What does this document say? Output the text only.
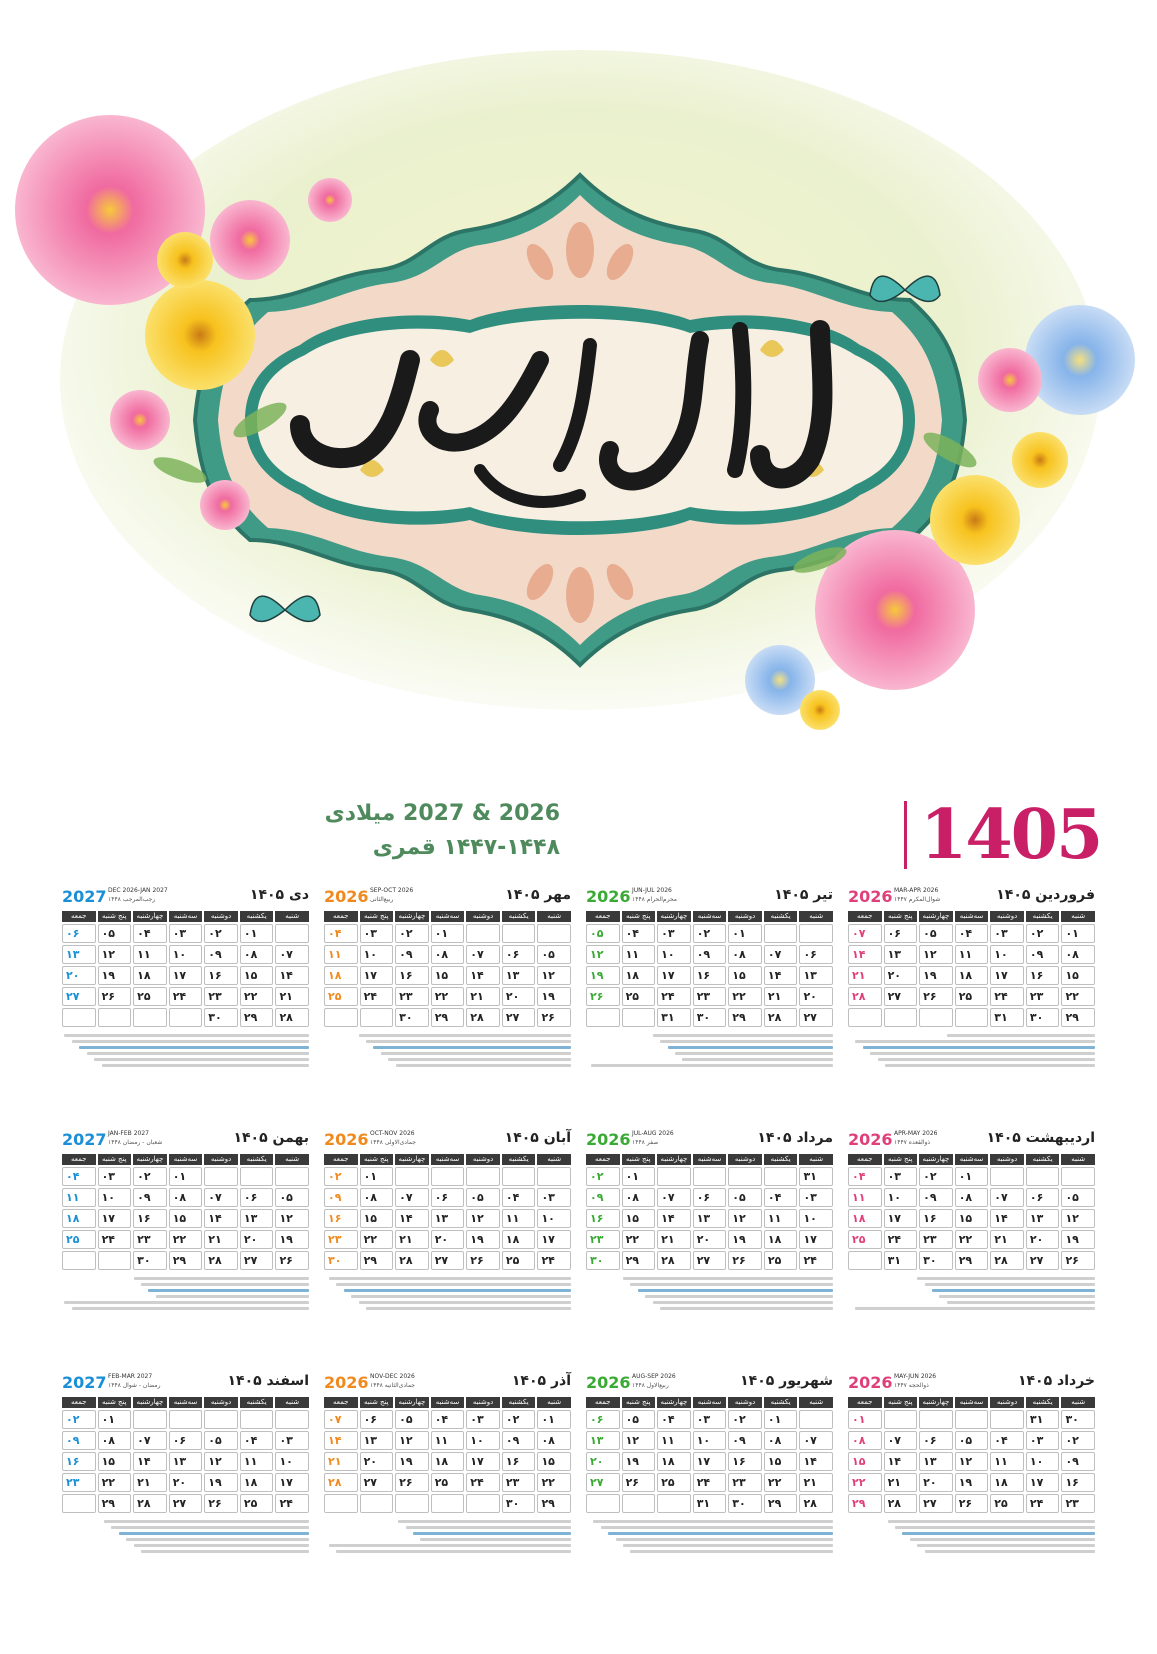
سال نو مبارک
1405
2026 & 2027 میلادی
۱۴۴۷-۱۴۴۸ قمری
فروردین ۱۴۰۵
2026 MAR-APR 2026
شوال‌المکرم ۱۴۴۷
شنبه
یکشنبه
دوشنبه
سه‌شنبه
چهارشنبه
پنج شنبه
جمعه
۰۱
۰۲
۰۳
۰۴
۰۵
۰۶
۰۷
۰۸
۰۹
۱۰
۱۱
۱۲
۱۳
۱۴
۱۵
۱۶
۱۷
۱۸
۱۹
۲۰
۲۱
۲۲
۲۳
۲۴
۲۵
۲۶
۲۷
۲۸
۲۹
۳۰
۳۱
تیر ۱۴۰۵
2026 JUN-JUL 2026
محرم‌الحرام ۱۴۴۸
شنبه
یکشنبه
دوشنبه
سه‌شنبه
چهارشنبه
پنج شنبه
جمعه
۰۱
۰۲
۰۳
۰۴
۰۵
۰۶
۰۷
۰۸
۰۹
۱۰
۱۱
۱۲
۱۳
۱۴
۱۵
۱۶
۱۷
۱۸
۱۹
۲۰
۲۱
۲۲
۲۳
۲۴
۲۵
۲۶
۲۷
۲۸
۲۹
۳۰
۳۱
مهر ۱۴۰۵
2026 SEP-OCT 2026
ربیع‌الثانی
شنبه
یکشنبه
دوشنبه
سه‌شنبه
چهارشنبه
پنج شنبه
جمعه
۰۱
۰۲
۰۳
۰۴
۰۵
۰۶
۰۷
۰۸
۰۹
۱۰
۱۱
۱۲
۱۳
۱۴
۱۵
۱۶
۱۷
۱۸
۱۹
۲۰
۲۱
۲۲
۲۳
۲۴
۲۵
۲۶
۲۷
۲۸
۲۹
۳۰
دی ۱۴۰۵
2027 DEC 2026-JAN 2027
رجب‌المرجب ۱۴۴۸
شنبه
یکشنبه
دوشنبه
سه‌شنبه
چهارشنبه
پنج شنبه
جمعه
۰۱
۰۲
۰۳
۰۴
۰۵
۰۶
۰۷
۰۸
۰۹
۱۰
۱۱
۱۲
۱۳
۱۴
۱۵
۱۶
۱۷
۱۸
۱۹
۲۰
۲۱
۲۲
۲۳
۲۴
۲۵
۲۶
۲۷
۲۸
۲۹
۳۰
اردیبهشت ۱۴۰۵
2026 APR-MAY 2026
ذوالقعده ۱۴۴۷
شنبه
یکشنبه
دوشنبه
سه‌شنبه
چهارشنبه
پنج شنبه
جمعه
۰۱
۰۲
۰۳
۰۴
۰۵
۰۶
۰۷
۰۸
۰۹
۱۰
۱۱
۱۲
۱۳
۱۴
۱۵
۱۶
۱۷
۱۸
۱۹
۲۰
۲۱
۲۲
۲۳
۲۴
۲۵
۲۶
۲۷
۲۸
۲۹
۳۰
۳۱
مرداد ۱۴۰۵
2026 JUL-AUG 2026
صفر ۱۴۴۸
شنبه
یکشنبه
دوشنبه
سه‌شنبه
چهارشنبه
پنج شنبه
جمعه
۳۱
۰۱
۰۲
۰۳
۰۴
۰۵
۰۶
۰۷
۰۸
۰۹
۱۰
۱۱
۱۲
۱۳
۱۴
۱۵
۱۶
۱۷
۱۸
۱۹
۲۰
۲۱
۲۲
۲۳
۲۴
۲۵
۲۶
۲۷
۲۸
۲۹
۳۰
آبان ۱۴۰۵
2026 OCT-NOV 2026
جمادی‌الاولی ۱۴۴۸
شنبه
یکشنبه
دوشنبه
سه‌شنبه
چهارشنبه
پنج شنبه
جمعه
۰۱
۰۲
۰۳
۰۴
۰۵
۰۶
۰۷
۰۸
۰۹
۱۰
۱۱
۱۲
۱۳
۱۴
۱۵
۱۶
۱۷
۱۸
۱۹
۲۰
۲۱
۲۲
۲۳
۲۴
۲۵
۲۶
۲۷
۲۸
۲۹
۳۰
بهمن ۱۴۰۵
2027 JAN-FEB 2027
شعبان - رمضان ۱۴۴۸
شنبه
یکشنبه
دوشنبه
سه‌شنبه
چهارشنبه
پنج شنبه
جمعه
۰۱
۰۲
۰۳
۰۴
۰۵
۰۶
۰۷
۰۸
۰۹
۱۰
۱۱
۱۲
۱۳
۱۴
۱۵
۱۶
۱۷
۱۸
۱۹
۲۰
۲۱
۲۲
۲۳
۲۴
۲۵
۲۶
۲۷
۲۸
۲۹
۳۰
خرداد ۱۴۰۵
2026 MAY-JUN 2026
ذوالحجه ۱۴۴۷
شنبه
یکشنبه
دوشنبه
سه‌شنبه
چهارشنبه
پنج شنبه
جمعه
۳۰
۳۱
۰۱
۰۲
۰۳
۰۴
۰۵
۰۶
۰۷
۰۸
۰۹
۱۰
۱۱
۱۲
۱۳
۱۴
۱۵
۱۶
۱۷
۱۸
۱۹
۲۰
۲۱
۲۲
۲۳
۲۴
۲۵
۲۶
۲۷
۲۸
۲۹
شهریور ۱۴۰۵
2026 AUG-SEP 2026
ربیع‌الاول ۱۴۴۸
شنبه
یکشنبه
دوشنبه
سه‌شنبه
چهارشنبه
پنج شنبه
جمعه
۰۱
۰۲
۰۳
۰۴
۰۵
۰۶
۰۷
۰۸
۰۹
۱۰
۱۱
۱۲
۱۳
۱۴
۱۵
۱۶
۱۷
۱۸
۱۹
۲۰
۲۱
۲۲
۲۳
۲۴
۲۵
۲۶
۲۷
۲۸
۲۹
۳۰
۳۱
آذر ۱۴۰۵
2026 NOV-DEC 2026
جمادی‌الثانیه ۱۴۴۸
شنبه
یکشنبه
دوشنبه
سه‌شنبه
چهارشنبه
پنج شنبه
جمعه
۰۱
۰۲
۰۳
۰۴
۰۵
۰۶
۰۷
۰۸
۰۹
۱۰
۱۱
۱۲
۱۳
۱۴
۱۵
۱۶
۱۷
۱۸
۱۹
۲۰
۲۱
۲۲
۲۳
۲۴
۲۵
۲۶
۲۷
۲۸
۲۹
۳۰
اسفند ۱۴۰۵
2027 FEB-MAR 2027
رمضان - شوال ۱۴۴۸
شنبه
یکشنبه
دوشنبه
سه‌شنبه
چهارشنبه
پنج شنبه
جمعه
۰۱
۰۲
۰۳
۰۴
۰۵
۰۶
۰۷
۰۸
۰۹
۱۰
۱۱
۱۲
۱۳
۱۴
۱۵
۱۶
۱۷
۱۸
۱۹
۲۰
۲۱
۲۲
۲۳
۲۴
۲۵
۲۶
۲۷
۲۸
۲۹
